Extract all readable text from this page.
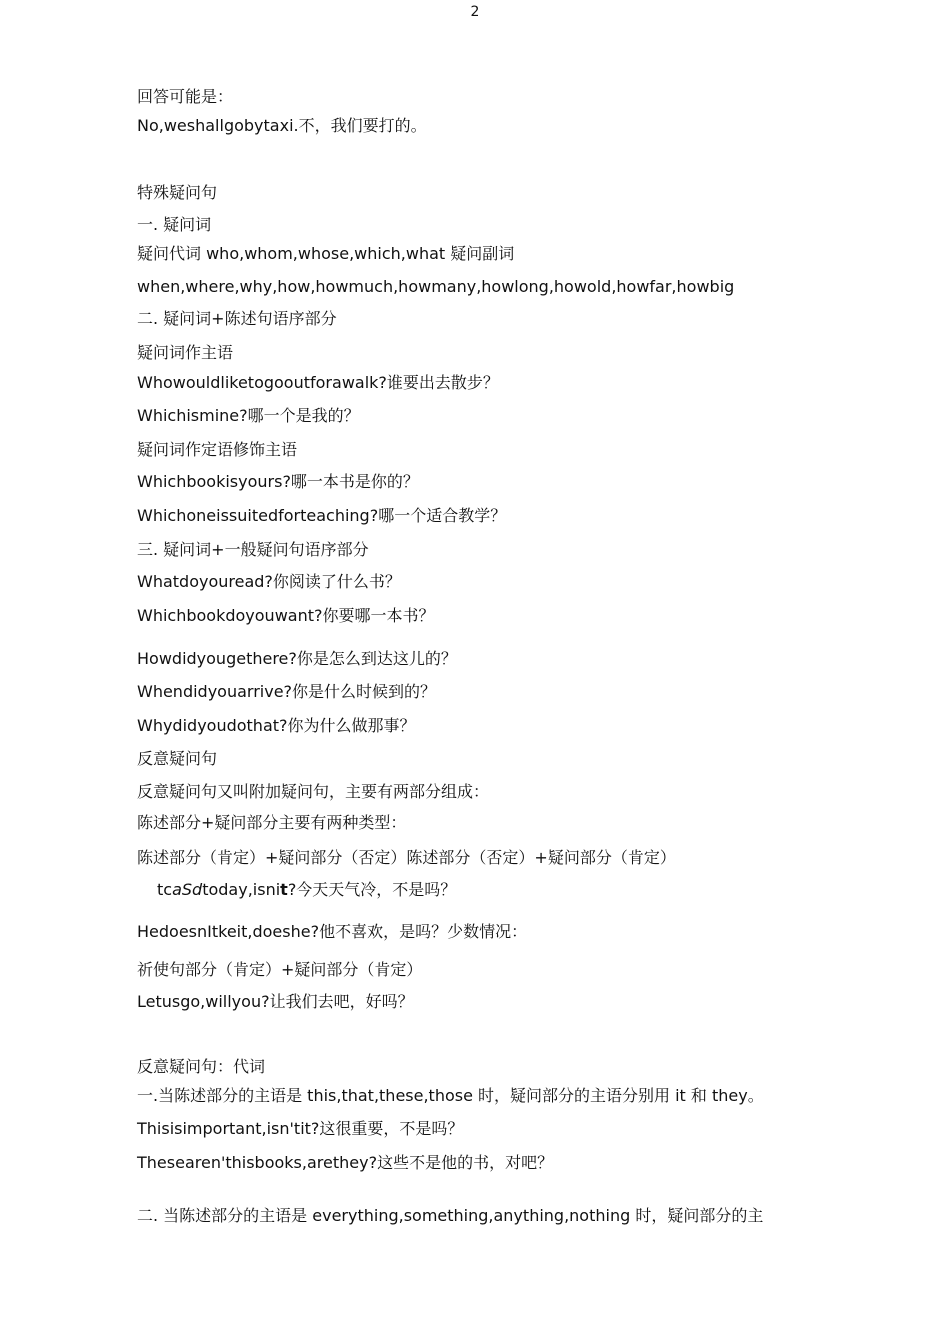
2
回答可能是：
No,weshallgobytaxi.不，我们要打的。
特殊疑问句
一. 疑问词
疑问代词 who,whom,whose,which,what 疑问副词
when,where,why,how,howmuch,howmany,howlong,howold,howfar,howbig
二. 疑问词+陈述句语序部分
疑问词作主语
Whowouldliketogooutforawalk?谁要出去散步？
Whichismine?哪一个是我的？
疑问词作定语修饰主语
Whichbookisyours?哪一本书是你的？
Whichoneissuitedforteaching?哪一个适合教学？
三. 疑问词+一般疑问句语序部分
Whatdoyouread?你阅读了什么书？
Whichbookdoyouwant?你要哪一本书？
Howdidyougethere?你是怎么到达这儿的？
Whendidyouarrive?你是什么时候到的？
Whydidyoudothat?你为什么做那事？
反意疑问句
反意疑问句又叫附加疑问句，主要有两部分组成：
陈述部分+疑问部分主要有两种类型：
陈述部分（肯定）+疑问部分（否定）陈述部分（否定）+疑问部分（肯定）
tcaSdtoday,isnit?今天天气冷，不是吗？
HedoesnItkeit,doeshe?他不喜欢，是吗？少数情况：
祈使句部分（肯定）+疑问部分（肯定）
Letusgo,willyou?让我们去吧，好吗？
反意疑问句：代词
一.当陈述部分的主语是 this,that,these,those 时，疑问部分的主语分别用 it 和 they。
Thisisimportant,isn'tit?这很重要，不是吗？
Thesearen'thisbooks,arethey?这些不是他的书，对吧？
二. 当陈述部分的主语是 everything,something,anything,nothing 时，疑问部分的主
